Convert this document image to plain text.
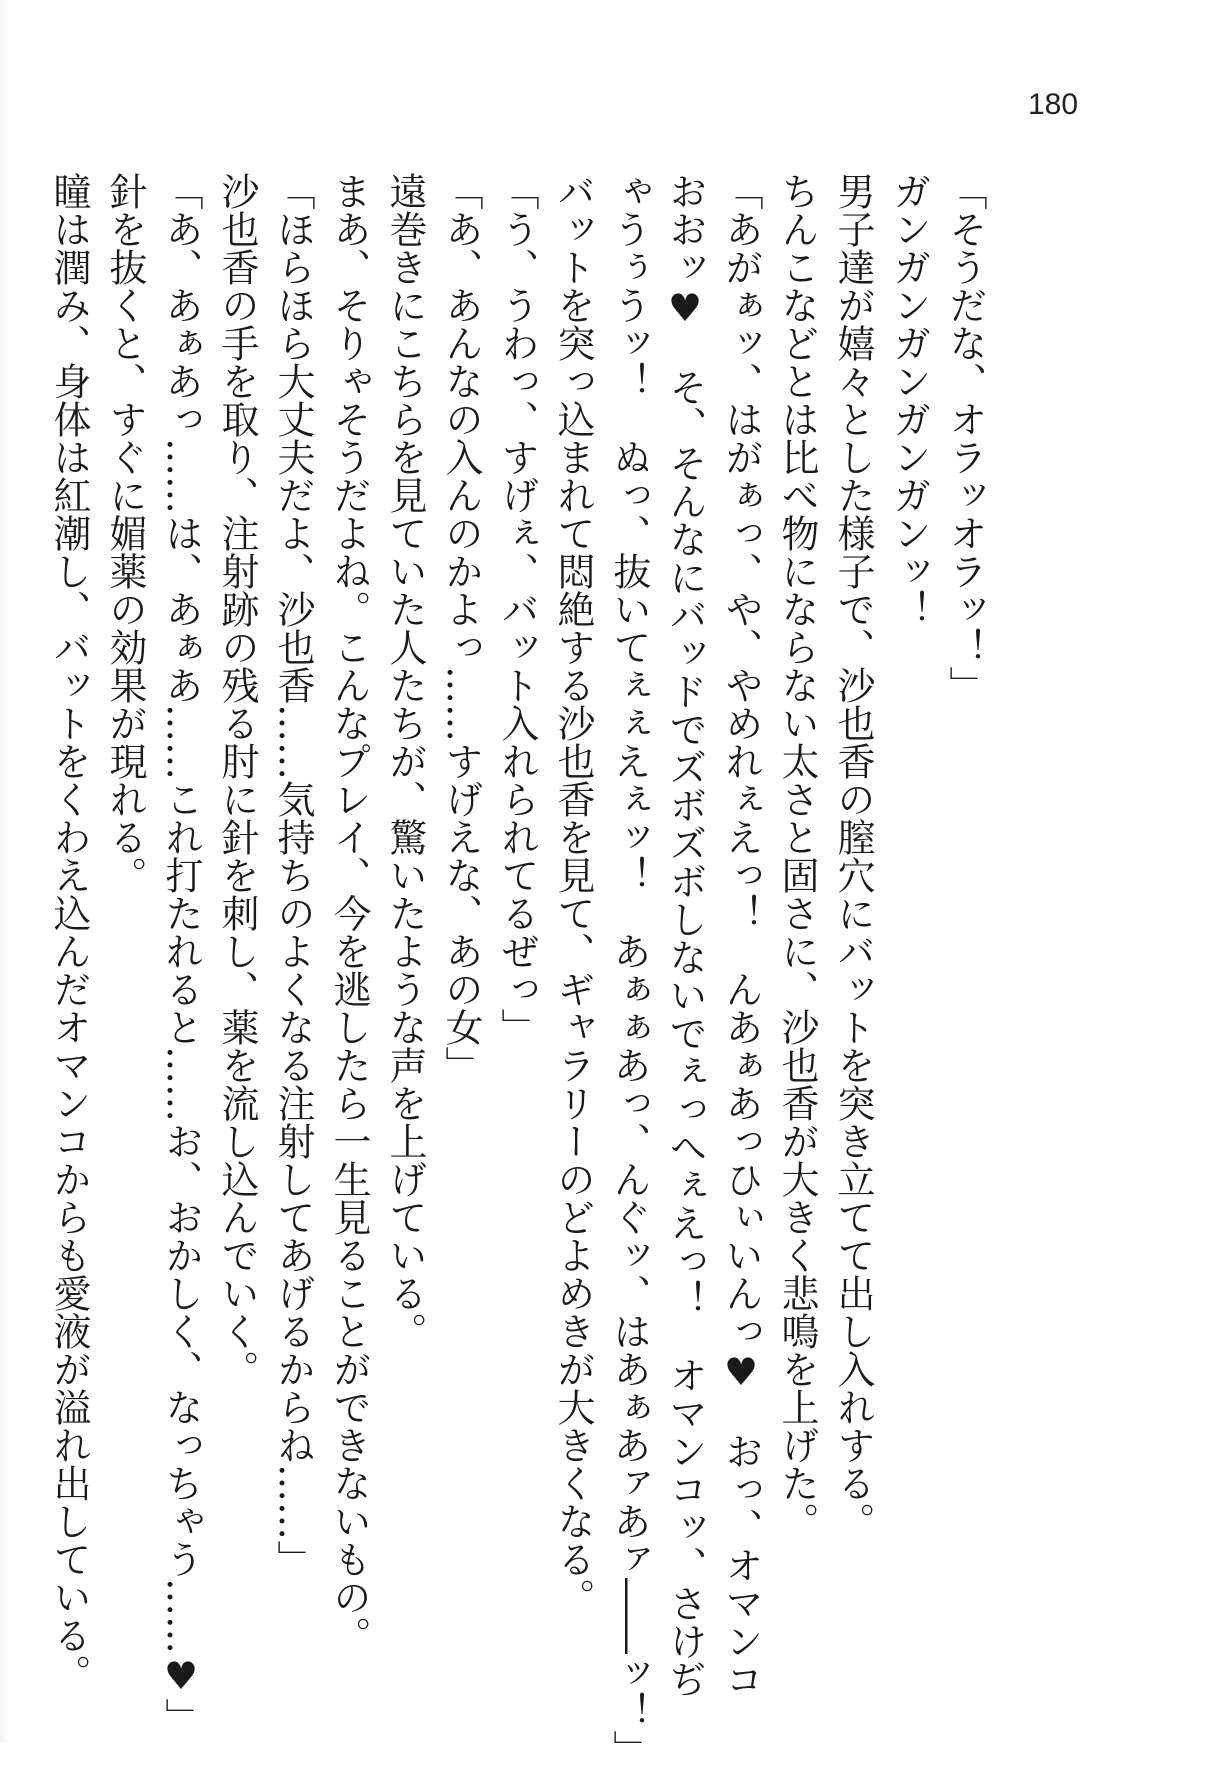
180
「そうだな、オラッオラッ！」
ガンガンガンガンガンッ！
男子達が嬉々とした様子で、沙也香の膣穴にバットを突き立てて出し入れする。
ちんこなどとは比べ物にならない太さと固さに、沙也香が大きく悲鳴を上げた。
「あがぁッ、はがぁっ、や、やめれぇえっ！　んあぁあっひぃいんっ♥　おっ、オマンコ
おおッ♥　そ、そんなにバッドでズボズボしないでぇっへぇえっ！　オマンコッ、さけぢ
ゃうぅうッ！　ぬっ、抜いてぇぇえぇッ！　あぁぁあっ、んぐッ、はあぁあァあァ――ッ！」
バットを突っ込まれて悶絶する沙也香を見て、ギャラリーのどよめきが大きくなる。
「う、うわっ、すげぇ、バット入れられてるぜっ」
「あ、あんなの入んのかよっ……すげえな、あの女」
遠巻きにこちらを見ていた人たちが、驚いたような声を上げている。
まあ、そりゃそうだよね。こんなプレイ、今を逃したら一生見ることができないもの。
「ほらほら大丈夫だよ、沙也香……気持ちのよくなる注射してあげるからね……」
沙也香の手を取り、注射跡の残る肘に針を刺し、薬を流し込んでいく。
「あ、あぁあっ……は、あぁあ……これ打たれると……お、おかしく、なっちゃう……♥」
針を抜くと、すぐに媚薬の効果が現れる。
瞳は潤み、身体は紅潮し、バットをくわえ込んだオマンコからも愛液が溢れ出している。
